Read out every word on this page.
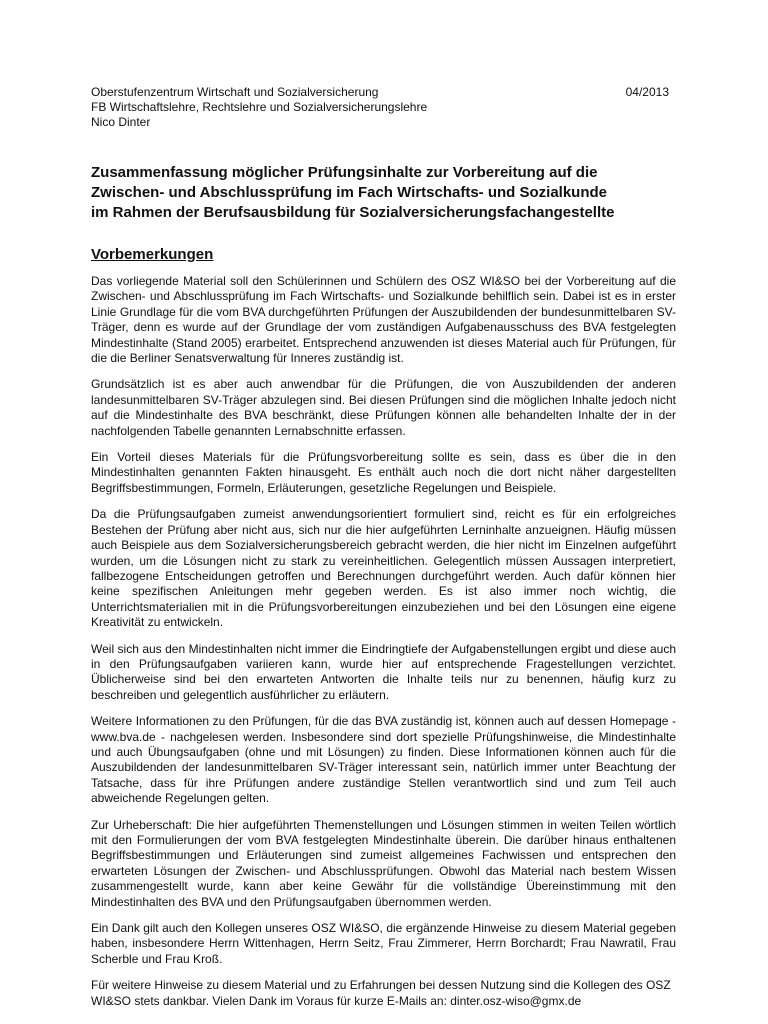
Oberstufenzentrum Wirtschaft und Sozialversicherung	04/2013
FB Wirtschaftslehre, Rechtslehre und Sozialversicherungslehre
Nico Dinter
Zusammenfassung möglicher Prüfungsinhalte zur Vorbereitung auf die
Zwischen- und Abschlussprüfung im Fach Wirtschafts- und Sozialkunde
im Rahmen der Berufsausbildung für Sozialversicherungsfachangestellte
Vorbemerkungen

Das vorliegende Material soll den Schülerinnen und Schülern des OSZ WI&SO bei der Vorbereitung auf die Zwischen- und Abschlussprüfung im Fach Wirtschafts- und Sozialkunde behilflich sein. Dabei ist es in erster Linie Grundlage für die vom BVA durchgeführten Prüfungen der Auszubildenden der bundesunmittelbaren SV-Träger, denn es wurde auf der Grundlage der vom zuständigen Aufgabenausschuss des BVA festgelegten Mindestinhalte (Stand 2005) erarbeitet. Entsprechend anzuwenden ist dieses Material auch für Prüfungen, für die die Berliner Senatsverwaltung für Inneres zuständig ist.

Grundsätzlich ist es aber auch anwendbar für die Prüfungen, die von Auszubildenden der anderen landesunmittelbaren SV-Träger abzulegen sind. Bei diesen Prüfungen sind die möglichen Inhalte jedoch nicht auf die Mindestinhalte des BVA beschränkt, diese Prüfungen können alle behandelten Inhalte der in der nachfolgenden Tabelle genannten Lernabschnitte erfassen.

Ein Vorteil dieses Materials für die Prüfungsvorbereitung sollte es sein, dass es über die in den Mindestinhalten genannten Fakten hinausgeht. Es enthält auch noch die dort nicht näher dargestellten Begriffsbestimmungen, Formeln, Erläuterungen, gesetzliche Regelungen und Beispiele.

Da die Prüfungsaufgaben zumeist anwendungsorientiert formuliert sind, reicht es für ein erfolgreiches Bestehen der Prüfung aber nicht aus, sich nur die hier aufgeführten Lerninhalte anzueignen. Häufig müssen auch Beispiele aus dem Sozialversicherungsbereich gebracht werden, die hier nicht im Einzelnen aufgeführt wurden, um die Lösungen nicht zu stark zu vereinheitlichen. Gelegentlich müssen Aussagen interpretiert, fallbezogene Entscheidungen getroffen und Berechnungen durchgeführt werden. Auch dafür können hier keine spezifischen Anleitungen mehr gegeben werden. Es ist also immer noch wichtig, die Unterrichtsmaterialien mit in die Prüfungsvorbereitungen einzubeziehen und bei den Lösungen eine eigene Kreativität zu entwickeln.

Weil sich aus den Mindestinhalten nicht immer die Eindringtiefe der Aufgabenstellungen ergibt und diese auch in den Prüfungsaufgaben variieren kann, wurde hier auf entsprechende Fragestellungen verzichtet. Üblicherweise sind bei den erwarteten Antworten die Inhalte teils nur zu benennen, häufig kurz zu beschreiben und gelegentlich ausführlicher zu erläutern.

Weitere Informationen zu den Prüfungen, für die das BVA zuständig ist, können auch auf dessen Homepage - www.bva.de - nachgelesen werden. Insbesondere sind dort spezielle Prüfungshinweise, die Mindestinhalte und auch Übungsaufgaben (ohne und mit Lösungen) zu finden. Diese Informationen können auch für die Auszubildenden der landesunmittelbaren SV-Träger interessant sein, natürlich immer unter Beachtung der Tatsache, dass für ihre Prüfungen andere zuständige Stellen verantwortlich sind und zum Teil auch abweichende Regelungen gelten.

Zur Urheberschaft: Die hier aufgeführten Themenstellungen und Lösungen stimmen in weiten Teilen wörtlich mit den Formulierungen der vom BVA festgelegten Mindestinhalte überein. Die darüber hinaus enthaltenen Begriffsbestimmungen und Erläuterungen sind zumeist allgemeines Fachwissen und entsprechen den erwarteten Lösungen der Zwischen- und Abschlussprüfungen. Obwohl das Material nach bestem Wissen zusammengestellt wurde, kann aber keine Gewähr für die vollständige Übereinstimmung mit den Mindestinhalten des BVA und den Prüfungsaufgaben übernommen werden.

Ein Dank gilt auch den Kollegen unseres OSZ WI&SO, die ergänzende Hinweise zu diesem Material gegeben haben, insbesondere Herrn Wittenhagen, Herrn Seitz, Frau Zimmerer, Herrn Borchardt; Frau Nawratil, Frau Scherble und Frau Kroß.

Für weitere Hinweise zu diesem Material und zu Erfahrungen bei dessen Nutzung sind die Kollegen des OSZ WI&SO stets dankbar. Vielen Dank im Voraus für kurze E-Mails an: dinter.osz-wiso@gmx.de
